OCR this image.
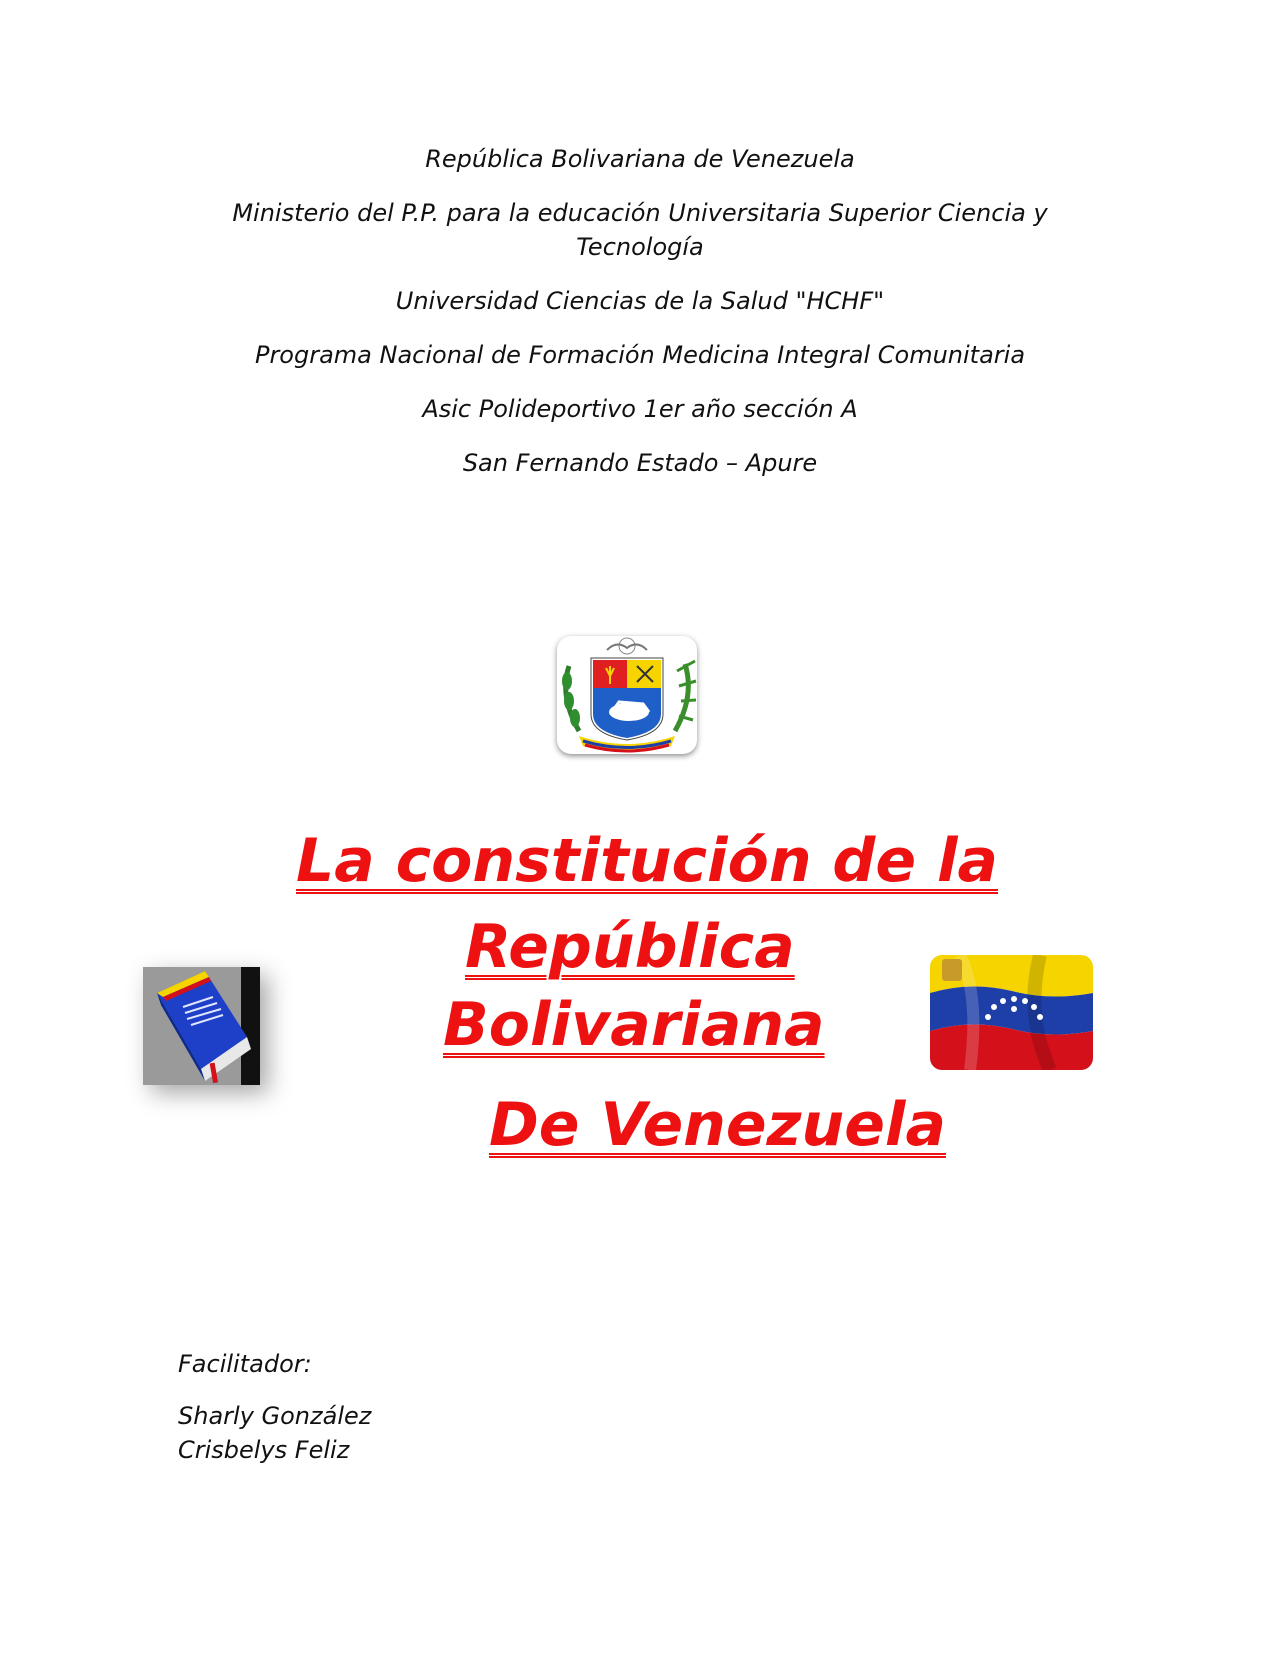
República Bolivariana de Venezuela

Ministerio del P.P. para la educación Universitaria Superior Ciencia y Tecnología

Universidad Ciencias de la Salud "HCHF"

Programa Nacional de Formación Medicina Integral Comunitaria

Asic Polideportivo 1er año sección A

San Fernando Estado – Apure

La constitución de la
República
Bolivariana
De Venezuela

Facilitador:

Sharly González

Crisbelys Feliz
